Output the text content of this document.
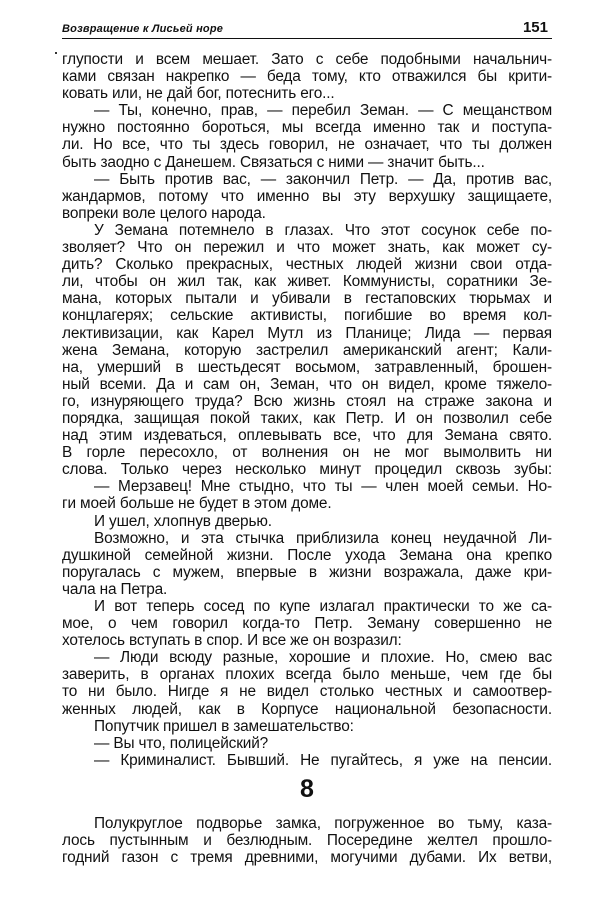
Возвращение к Лисьей норе	151
глупости и всем мешает. Зато с себе подобными начальнич-
ками связан накрепко — беда тому, кто отважился бы крити-
ковать или, не дай бог, потеснить его...
— Ты, конечно, прав, — перебил Земан. — С мещанством
нужно постоянно бороться, мы всегда именно так и поступа-
ли. Но все, что ты здесь говорил, не означает, что ты должен
быть заодно с Данешем. Связаться с ними — значит быть...
— Быть против вас, — закончил Петр. — Да, против вас,
жандармов, потому что именно вы эту верхушку защищаете,
вопреки воле целого народа.
У Земана потемнело в глазах. Что этот сосунок себе по-
зволяет? Что он пережил и что может знать, как может су-
дить? Сколько прекрасных, честных людей жизни свои отда-
ли, чтобы он жил так, как живет. Коммунисты, соратники Зе-
мана, которых пытали и убивали в гестаповских тюрьмах и
концлагерях; сельские активисты, погибшие во время кол-
лективизации, как Карел Мутл из Планице; Лида — первая
жена Земана, которую застрелил американский агент; Кали-
на, умерший в шестьдесят восьмом, затравленный, брошен-
ный всеми. Да и сам он, Земан, что он видел, кроме тяжело-
го, изнуряющего труда? Всю жизнь стоял на страже закона и
порядка, защищая покой таких, как Петр. И он позволил себе
над этим издеваться, оплевывать все, что для Земана свято.
В горле пересохло, от волнения он не мог вымолвить ни
слова. Только через несколько минут процедил сквозь зубы:
— Мерзавец! Мне стыдно, что ты — член моей семьи. Но-
ги моей больше не будет в этом доме.
И ушел, хлопнув дверью.
Возможно, и эта стычка приблизила конец неудачной Ли-
душкиной семейной жизни. После ухода Земана она крепко
поругалась с мужем, впервые в жизни возражала, даже кри-
чала на Петра.
И вот теперь сосед по купе излагал практически то же са-
мое, о чем говорил когда-то Петр. Земану совершенно не
хотелось вступать в спор. И все же он возразил:
— Люди всюду разные, хорошие и плохие. Но, смею вас
заверить, в органах плохих всегда было меньше, чем где бы
то ни было. Нигде я не видел столько честных и самоотвер-
женных людей, как в Корпусе национальной безопасности.
Попутчик пришел в замешательство:
— Вы что, полицейский?
— Криминалист. Бывший. Не пугайтесь, я уже на пенсии.
8
Полукруглое подворье замка, погруженное во тьму, каза-
лось пустынным и безлюдным. Посередине желтел прошло-
годний газон с тремя древними, могучими дубами. Их ветви,
